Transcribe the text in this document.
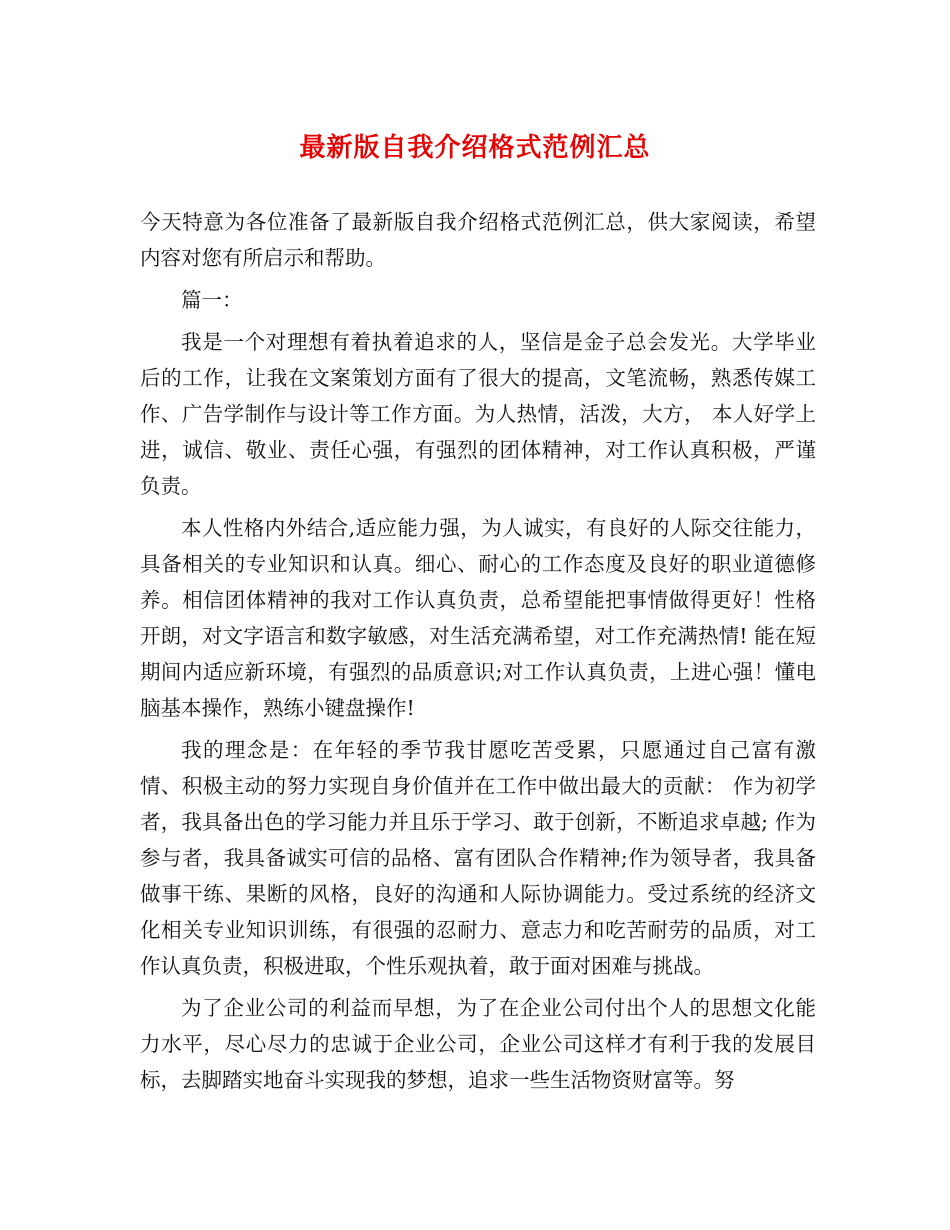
最新版自我介绍格式范例汇总

今天特意为各位准备了最新版自我介绍格式范例汇总，供大家阅读，希望内容对您有所启示和帮助。

篇一：

我是一个对理想有着执着追求的人，坚信是金子总会发光。大学毕业后的工作，让我在文案策划方面有了很大的提高，文笔流畅，熟悉传媒工作、广告学制作与设计等工作方面。为人热情，活泼，大方， 本人好学上进，诚信、敬业、责任心强，有强烈的团体精神，对工作认真积极，严谨负责。

本人性格内外结合,适应能力强，为人诚实，有良好的人际交往能力，具备相关的专业知识和认真。细心、耐心的工作态度及良好的职业道德修养。相信团体精神的我对工作认真负责，总希望能把事情做得更好！性格开朗，对文字语言和数字敏感，对生活充满希望，对工作充满热情! 能在短期间内适应新环境，有强烈的品质意识;对工作认真负责，上进心强！懂电脑基本操作，熟练小键盘操作!

我的理念是：在年轻的季节我甘愿吃苦受累，只愿通过自己富有激情、积极主动的努力实现自身价值并在工作中做出最大的贡献： 作为初学者，我具备出色的学习能力并且乐于学习、敢于创新，不断追求卓越; 作为参与者，我具备诚实可信的品格、富有团队合作精神;作为领导者，我具备做事干练、果断的风格，良好的沟通和人际协调能力。受过系统的经济文化相关专业知识训练，有很强的忍耐力、意志力和吃苦耐劳的品质，对工作认真负责，积极进取，个性乐观执着，敢于面对困难与挑战。

为了企业公司的利益而早想，为了在企业公司付出个人的思想文化能力水平，尽心尽力的忠诚于企业公司，企业公司这样才有利于我的发展目标，去脚踏实地奋斗实现我的梦想，追求一些生活物资财富等。努
